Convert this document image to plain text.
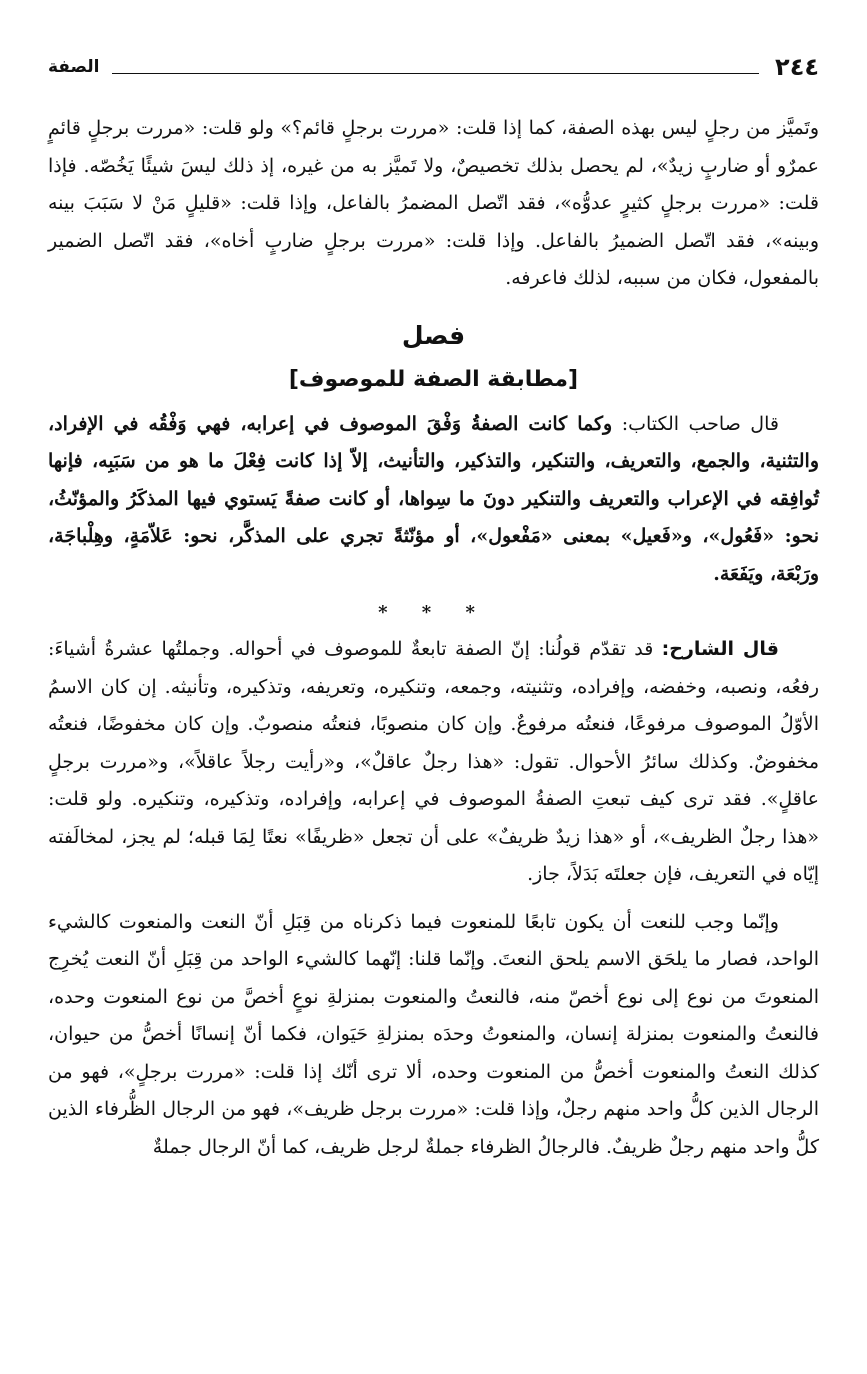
٢٤٤
الصفة

وتَميَّز من رجلٍ ليس بهذه الصفة، كما إذا قلت: «مررت برجلٍ قائم؟» ولو قلت: «مررت برجلٍ قائمٍ عمرٌو أو ضاربٍ زيدٌ»، لم يحصل بذلك تخصيصٌ، ولا تَميَّز به من غيره، إذ ذلك ليسَ شيئًا يَخُصّه. فإذا قلت: «مررت برجلٍ كثيرٍ عدوُّه»، فقد اتّصل المضمرُ بالفاعل، وإذا قلت: «قليلٍ مَنْ لا سَبَبَ بينه وبينه»، فقد اتّصل الضميرُ بالفاعل. وإذا قلت: «مررت برجلٍ ضاربٍ أخاه»، فقد اتّصل الضمير بالمفعول، فكان من سببه، لذلك فاعرفه.

فصل
[مطابقة الصفة للموصوف]

قال صاحب الكتاب: وكما كانت الصفةُ وَفْقَ الموصوف في إعرابه، فهي وَفْقُه في الإفراد، والتثنية، والجمع، والتعريف، والتنكير، والتذكير، والتأنيث، إلاّ إذا كانت فِعْلَ ما هو من سَبَبِه، فإنها تُوافِقه في الإعراب والتعريف والتنكير دونَ ما سِواها، أو كانت صفةً يَستوي فيها المذكَرُ والمؤنّثُ، نحو: «فَعُول»، و«فَعيل» بمعنى «مَفْعول»، أو مؤنّثةً تجري على المذكَّر، نحو: عَلاّمَةٍ، وهِلْباجَة، ورَبْعَة، ويَفَعَة.

* * *

قال الشارح: قد تقدّم قولُنا: إنّ الصفة تابعةٌ للموصوف في أحواله. وجملتُها عشرةُ أشياءَ: رفعُه، ونصبه، وخفضه، وإفراده، وتثنيته، وجمعه، وتنكيره، وتعريفه، وتذكيره، وتأنيثه. إن كان الاسمُ الأوّلُ الموصوف مرفوعًا، فنعتُه مرفوعٌ. وإن كان منصوبًا، فنعتُه منصوبٌ. وإن كان مخفوضًا، فنعتُه مخفوضٌ. وكذلك سائرُ الأحوال. تقول: «هذا رجلٌ عاقلٌ»، و«رأيت رجلاً عاقلاً»، و«مررت برجلٍ عاقلٍ». فقد ترى كيف تبعتِ الصفةُ الموصوف في إعرابه، وإفراده، وتذكيره، وتنكيره. ولو قلت: «هذا رجلٌ الظريف»، أو «هذا زيدٌ ظريفٌ» على أن تجعل «ظريفًا» نعتًا لِمَا قبله؛ لم يجز، لمخالَفته إيّاه في التعريف، فإن جعلتَه بَدَلاً، جاز.

وإنّما وجب للنعت أن يكون تابعًا للمنعوت فيما ذكرناه من قِبَلِ أنّ النعت والمنعوت كالشيء الواحد، فصار ما يلحَق الاسم يلحق النعتَ. وإنّما قلنا: إنّهما كالشيء الواحد من قِبَلِ أنّ النعت يُخرِج المنعوتَ من نوع إلى نوع أخصّ منه، فالنعتُ والمنعوت بمنزلةِ نوعٍ أخصَّ من نوع المنعوت وحده، فالنعتُ والمنعوت بمنزلة إنسان، والمنعوتُ وحدَه بمنزلةِ حَيَوان، فكما أنّ إنسانًا أخصُّ من حيوان، كذلك النعتُ والمنعوت أخصُّ من المنعوت وحده، ألا ترى أنّك إذا قلت: «مررت برجلٍ»، فهو من الرجال الذين كلُّ واحد منهم رجلٌ، وإذا قلت: «مررت برجل ظريف»، فهو من الرجال الظُّرفاء الذين كلُّ واحد منهم رجلٌ ظريفٌ. فالرجالُ الظرفاء جملةٌ لرجل ظريف، كما أنّ الرجال جملةٌ
